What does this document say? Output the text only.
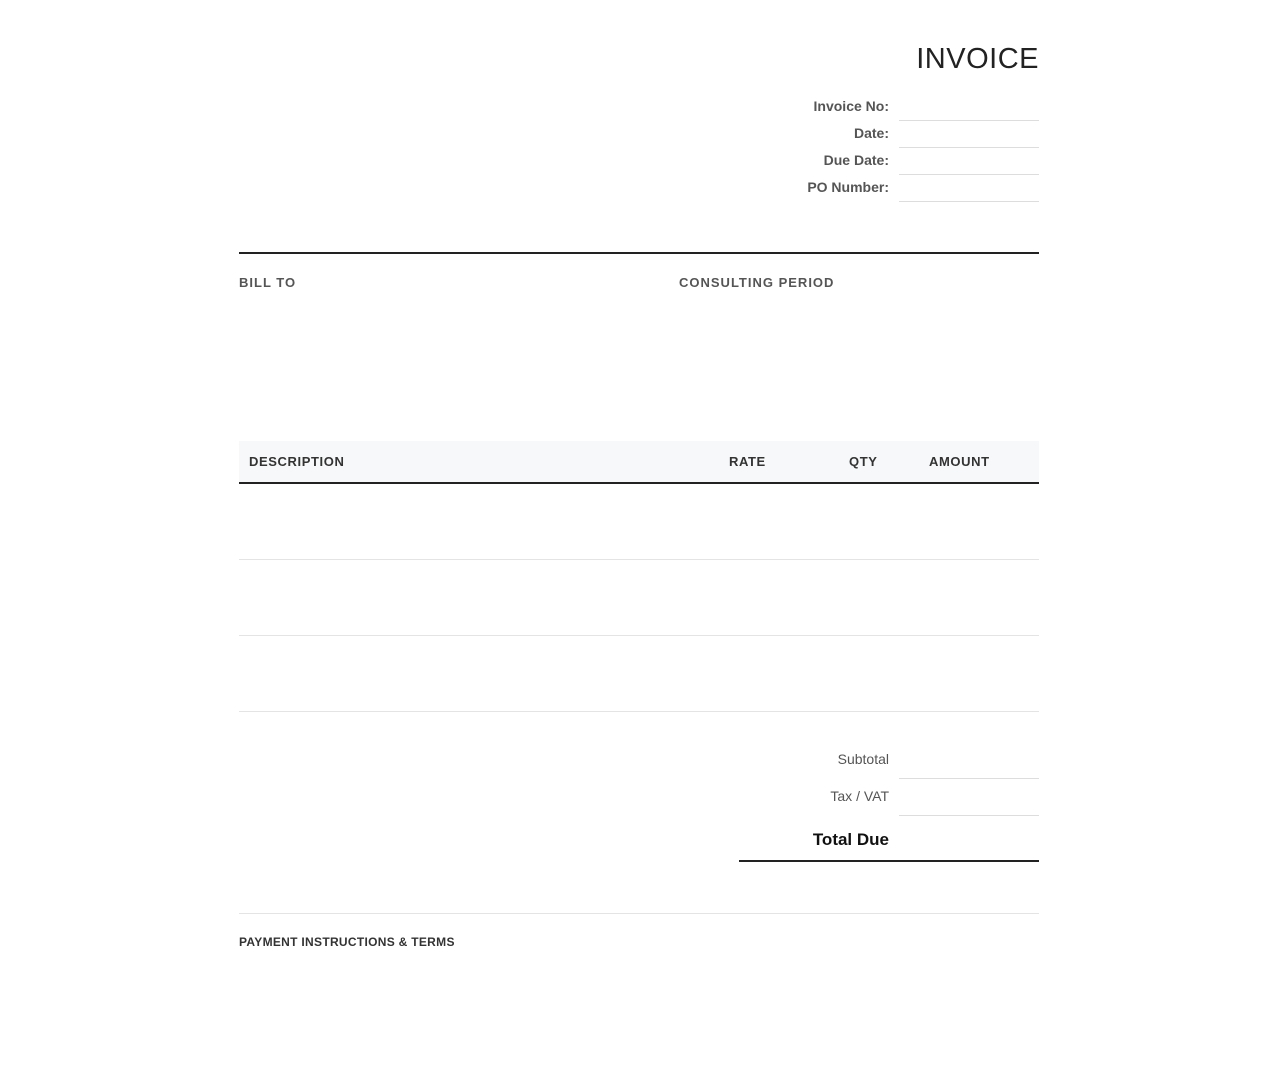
INVOICE
Invoice No:
Date:
Due Date:
PO Number:
BILL TO	CONSULTING PERIOD
DESCRIPTION	RATE	QTY	AMOUNT
Subtotal
Tax / VAT
Total Due
PAYMENT INSTRUCTIONS & TERMS
